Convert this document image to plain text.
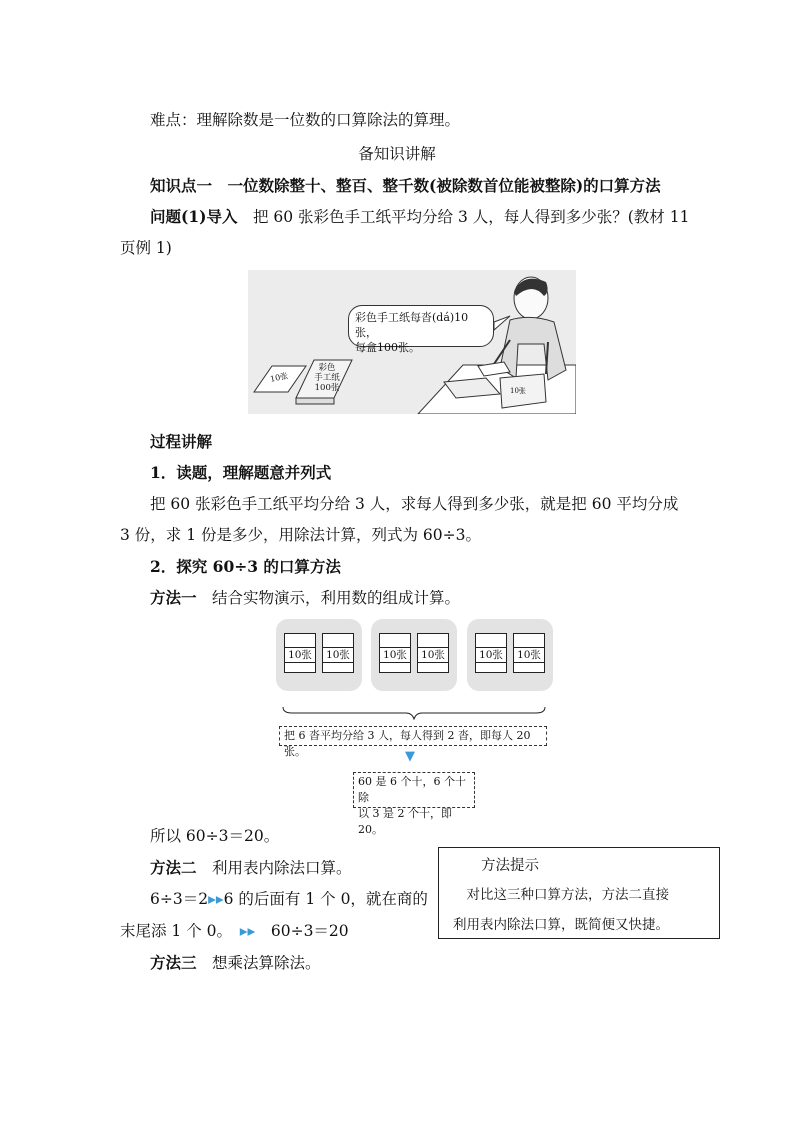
难点：理解除数是一位数的口算除法的算理。
备知识讲解
知识点一　一位数除整十、整百、整千数(被除数首位能被整除)的口算方法
问题(1)导入　 把 60 张彩色手工纸平均分给 3 人，每人得到多少张？(教材 11
页例 1)
彩色手工纸每沓(dá)10张，
每盒100张。
10张
彩色
手工纸
100张	10张
过程讲解
1．读题，理解题意并列式
把 60 张彩色手工纸平均分给 3 人，求每人得到多少张，就是把 60 平均分成
3 份，求 1 份是多少，用除法计算，列式为 60÷3。
2．探究 60÷3 的口算方法
方法一　 结合实物演示，利用数的组成计算。
10张 10张	10张 10张	10张 10张
把 6 沓平均分给 3 人，每人得到 2 沓，即每人 20 张。	▼
60 是 6 个十，6 个十除
以 3 是 2 个十，即 20。
所以 60÷3＝20。
方法二　 利用表内除法口算。
6÷3＝2▸▸6 的后面有 1 个 0，就在商的
末尾添 1 个 0。　 ▸▸　 60÷3＝20
方法三　 想乘法算除法。
方法提示
　对比这三种口算方法，方法二直接
利用表内除法口算，既简便又快捷。
